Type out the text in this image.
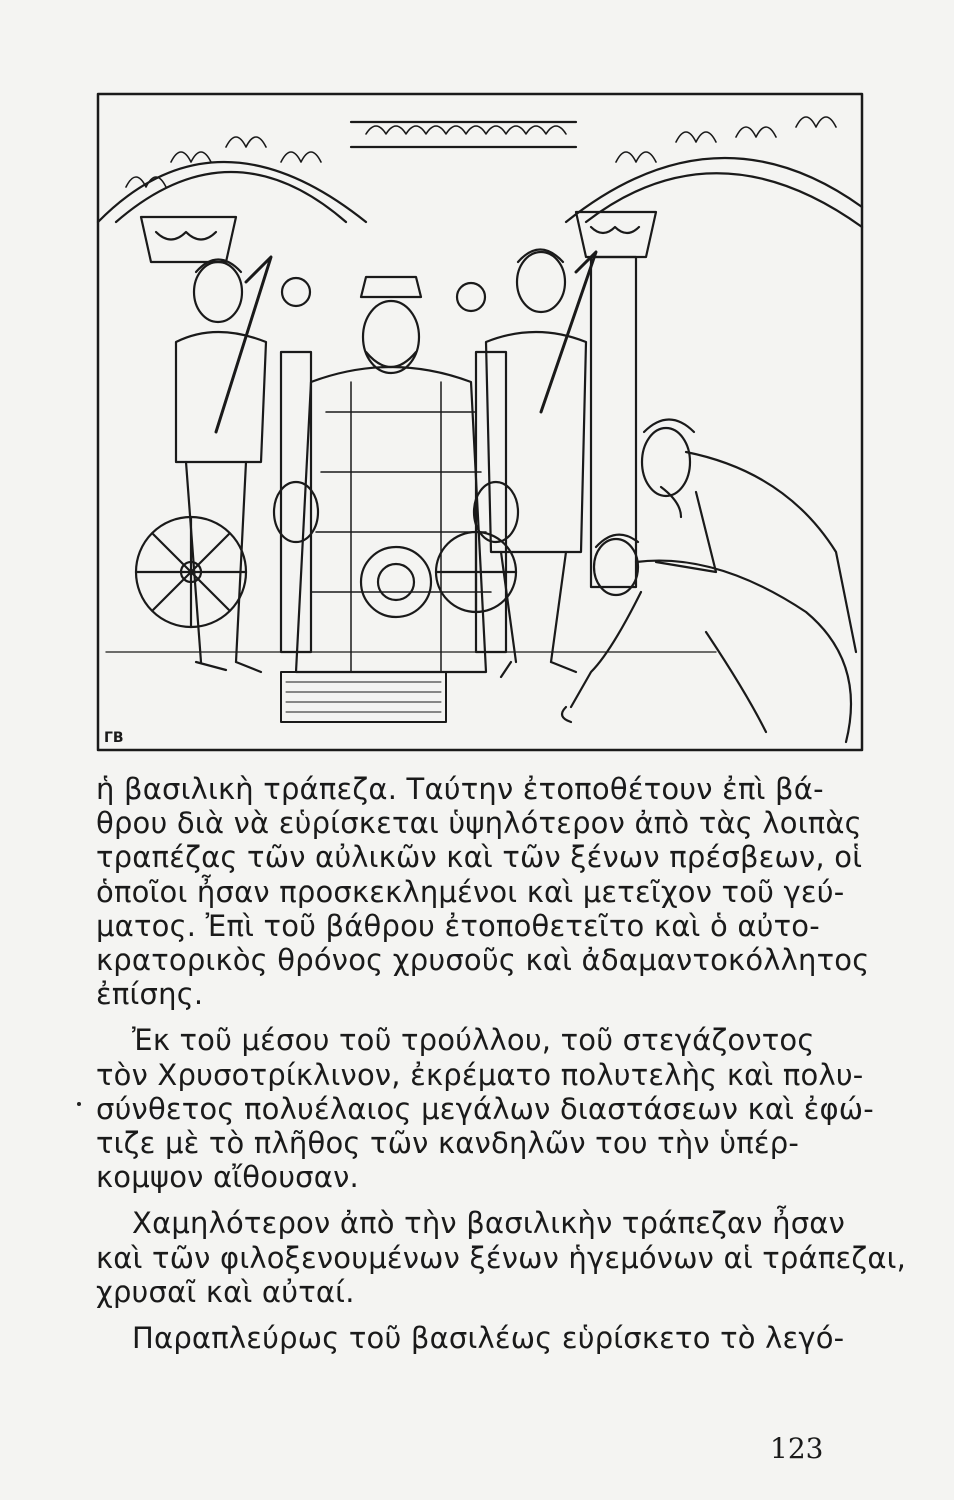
ΓΒ

ἡ βασιλικὴ τράπεζα. Ταύτην ἐτοποθέτουν ἐπὶ βά-
θρου διὰ νὰ εὑρίσκεται ὑψηλότερον ἀπὸ τὰς λοιπὰς
τραπέζας τῶν αὐλικῶν καὶ τῶν ξένων πρέσβεων, οἱ
ὁποῖοι ἦσαν προσκεκλημένοι καὶ μετεῖχον τοῦ γεύ-
ματος. Ἐπὶ τοῦ βάθρου ἐτοποθετεῖτο καὶ ὁ αὐτο-
κρατορικὸς θρόνος χρυσοῦς καὶ ἀδαμαντοκόλλητος
ἐπίσης.

Ἐκ τοῦ μέσου τοῦ τρούλλου, τοῦ στεγάζοντος
τὸν Χρυσοτρίκλινον, ἐκρέματο πολυτελὴς καὶ πολυ-
σύνθετος πολυέλαιος μεγάλων διαστάσεων καὶ ἐφώ-
τιζε μὲ τὸ πλῆθος τῶν κανδηλῶν του τὴν ὑπέρ-
κομψον αἴθουσαν.

Χαμηλότερον ἀπὸ τὴν βασιλικὴν τράπεζαν ἦσαν
καὶ τῶν φιλοξενουμένων ξένων ἡγεμόνων αἱ τράπεζαι,
χρυσαῖ καὶ αὐταί.

Παραπλεύρως τοῦ βασιλέως εὑρίσκετο τὸ λεγό-

123
